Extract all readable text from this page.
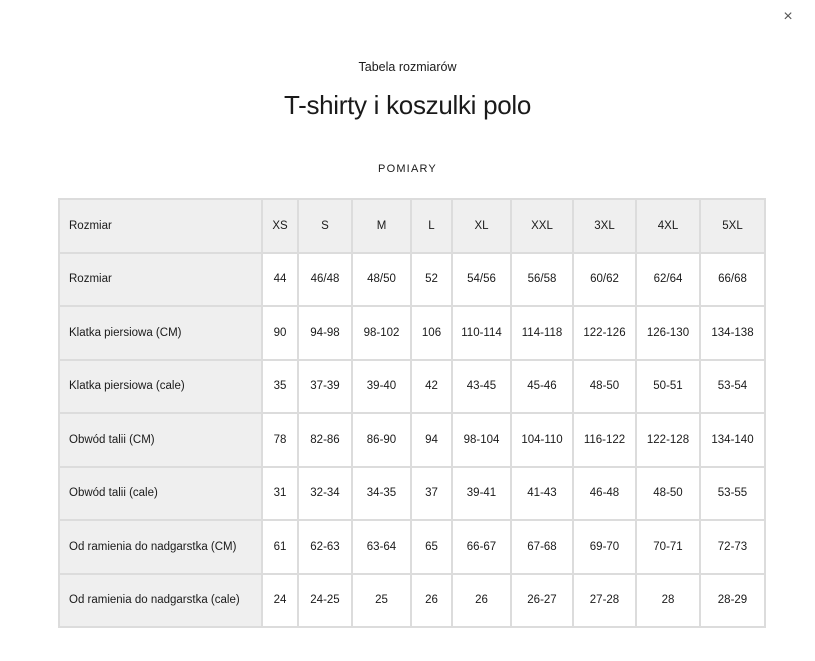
×
Tabela rozmiarów
T-shirty i koszulki polo
POMIARY
Rozmiar	XS	S	M	L	XL	XXL	3XL	4XL	5XL
Rozmiar	44	46/48	48/50	52	54/56	56/58	60/62	62/64	66/68
Klatka piersiowa (CM)	90	94-98	98-102	106	110-114	114-118	122-126	126-130	134-138
Klatka piersiowa (cale)	35	37-39	39-40	42	43-45	45-46	48-50	50-51	53-54
Obwód talii (CM)	78	82-86	86-90	94	98-104	104-110	116-122	122-128	134-140
Obwód talii (cale)	31	32-34	34-35	37	39-41	41-43	46-48	48-50	53-55
Od ramienia do nadgarstka (CM)	61	62-63	63-64	65	66-67	67-68	69-70	70-71	72-73
Od ramienia do nadgarstka (cale)	24	24-25	25	26	26	26-27	27-28	28	28-29
